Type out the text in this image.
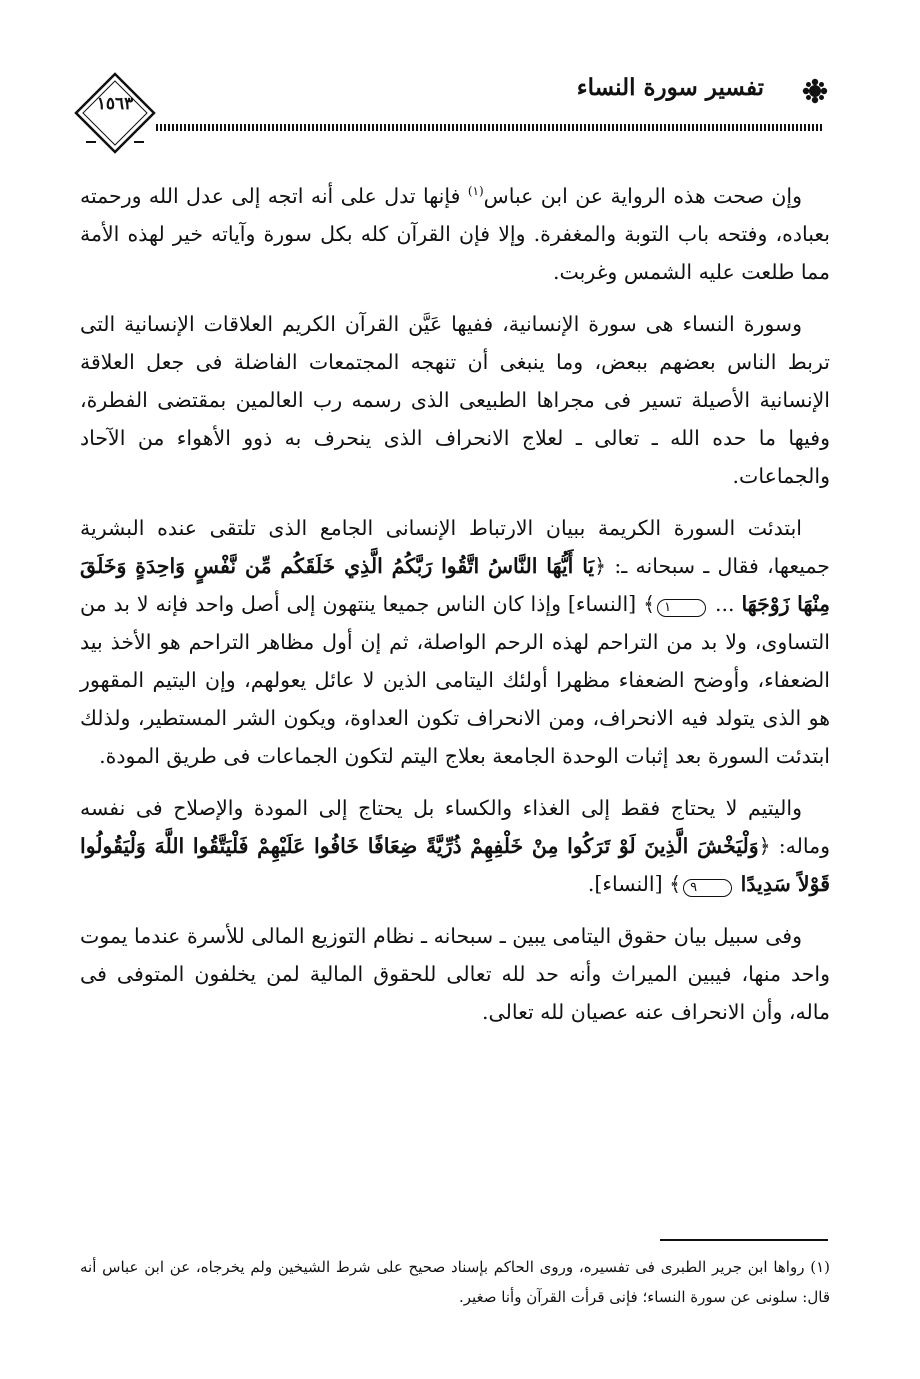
١٥٦٣
تفسير سورة النساء

وإن صحت هذه الرواية عن ابن عباس$^{(١)}$ فإنها تدل على أنه اتجه إلى عدل الله ورحمته بعباده، وفتحه باب التوبة والمغفرة. وإلا فإن القرآن كله بكل سورة وآياته خير لهذه الأمة مما طلعت عليه الشمس وغربت.

وسورة النساء هى سورة الإنسانية، ففيها عَيَّن القرآن الكريم العلاقات الإنسانية التى تربط الناس بعضهم ببعض، وما ينبغى أن تنهجه المجتمعات الفاضلة فى جعل العلاقة الإنسانية الأصيلة تسير فى مجراها الطبيعى الذى رسمه رب العالمين بمقتضى الفطرة، وفيها ما حده الله ـ تعالى ـ لعلاج الانحراف الذى ينحرف به ذوو الأهواء من الآحاد والجماعات.

ابتدئت السورة الكريمة ببيان الارتباط الإنسانى الجامع الذى تلتقى عنده البشرية جميعها، فقال ـ سبحانه ـ: ﴿يَا أَيُّهَا النَّاسُ اتَّقُوا رَبَّكُمُ الَّذِي خَلَقَكُم مِّن نَّفْسٍ وَاحِدَةٍ وَخَلَقَ مِنْهَا زَوْجَهَا ... ١﴾ [النساء] وإذا كان الناس جميعا ينتهون إلى أصل واحد فإنه لا بد من التساوى، ولا بد من التراحم لهذه الرحم الواصلة، ثم إن أول مظاهر التراحم هو الأخذ بيد الضعفاء، وأوضح الضعفاء مظهرا أولئك اليتامى الذين لا عائل يعولهم، وإن اليتيم المقهور هو الذى يتولد فيه الانحراف، ومن الانحراف تكون العداوة، ويكون الشر المستطير، ولذلك ابتدئت السورة بعد إثبات الوحدة الجامعة بعلاج اليتم لتكون الجماعات فى طريق المودة.

واليتيم لا يحتاج فقط إلى الغذاء والكساء بل يحتاج إلى المودة والإصلاح فى نفسه وماله: ﴿وَلْيَخْشَ الَّذِينَ لَوْ تَرَكُوا مِنْ خَلْفِهِمْ ذُرِّيَّةً ضِعَافًا خَافُوا عَلَيْهِمْ فَلْيَتَّقُوا اللَّهَ وَلْيَقُولُوا قَوْلاً سَدِيدًا ٩﴾ [النساء].

وفى سبيل بيان حقوق اليتامى يبين ـ سبحانه ـ نظام التوزيع المالى للأسرة عندما يموت واحد منها، فيبين الميراث وأنه حد لله تعالى للحقوق المالية لمن يخلفون المتوفى فى ماله، وأن الانحراف عنه عصيان لله تعالى.

(١) رواها ابن جرير الطبرى فى تفسيره، وروى الحاكم بإسناد صحيح على شرط الشيخين ولم يخرجاه، عن ابن عباس أنه قال: سلونى عن سورة النساء؛ فإنى قرأت القرآن وأنا صغير.
